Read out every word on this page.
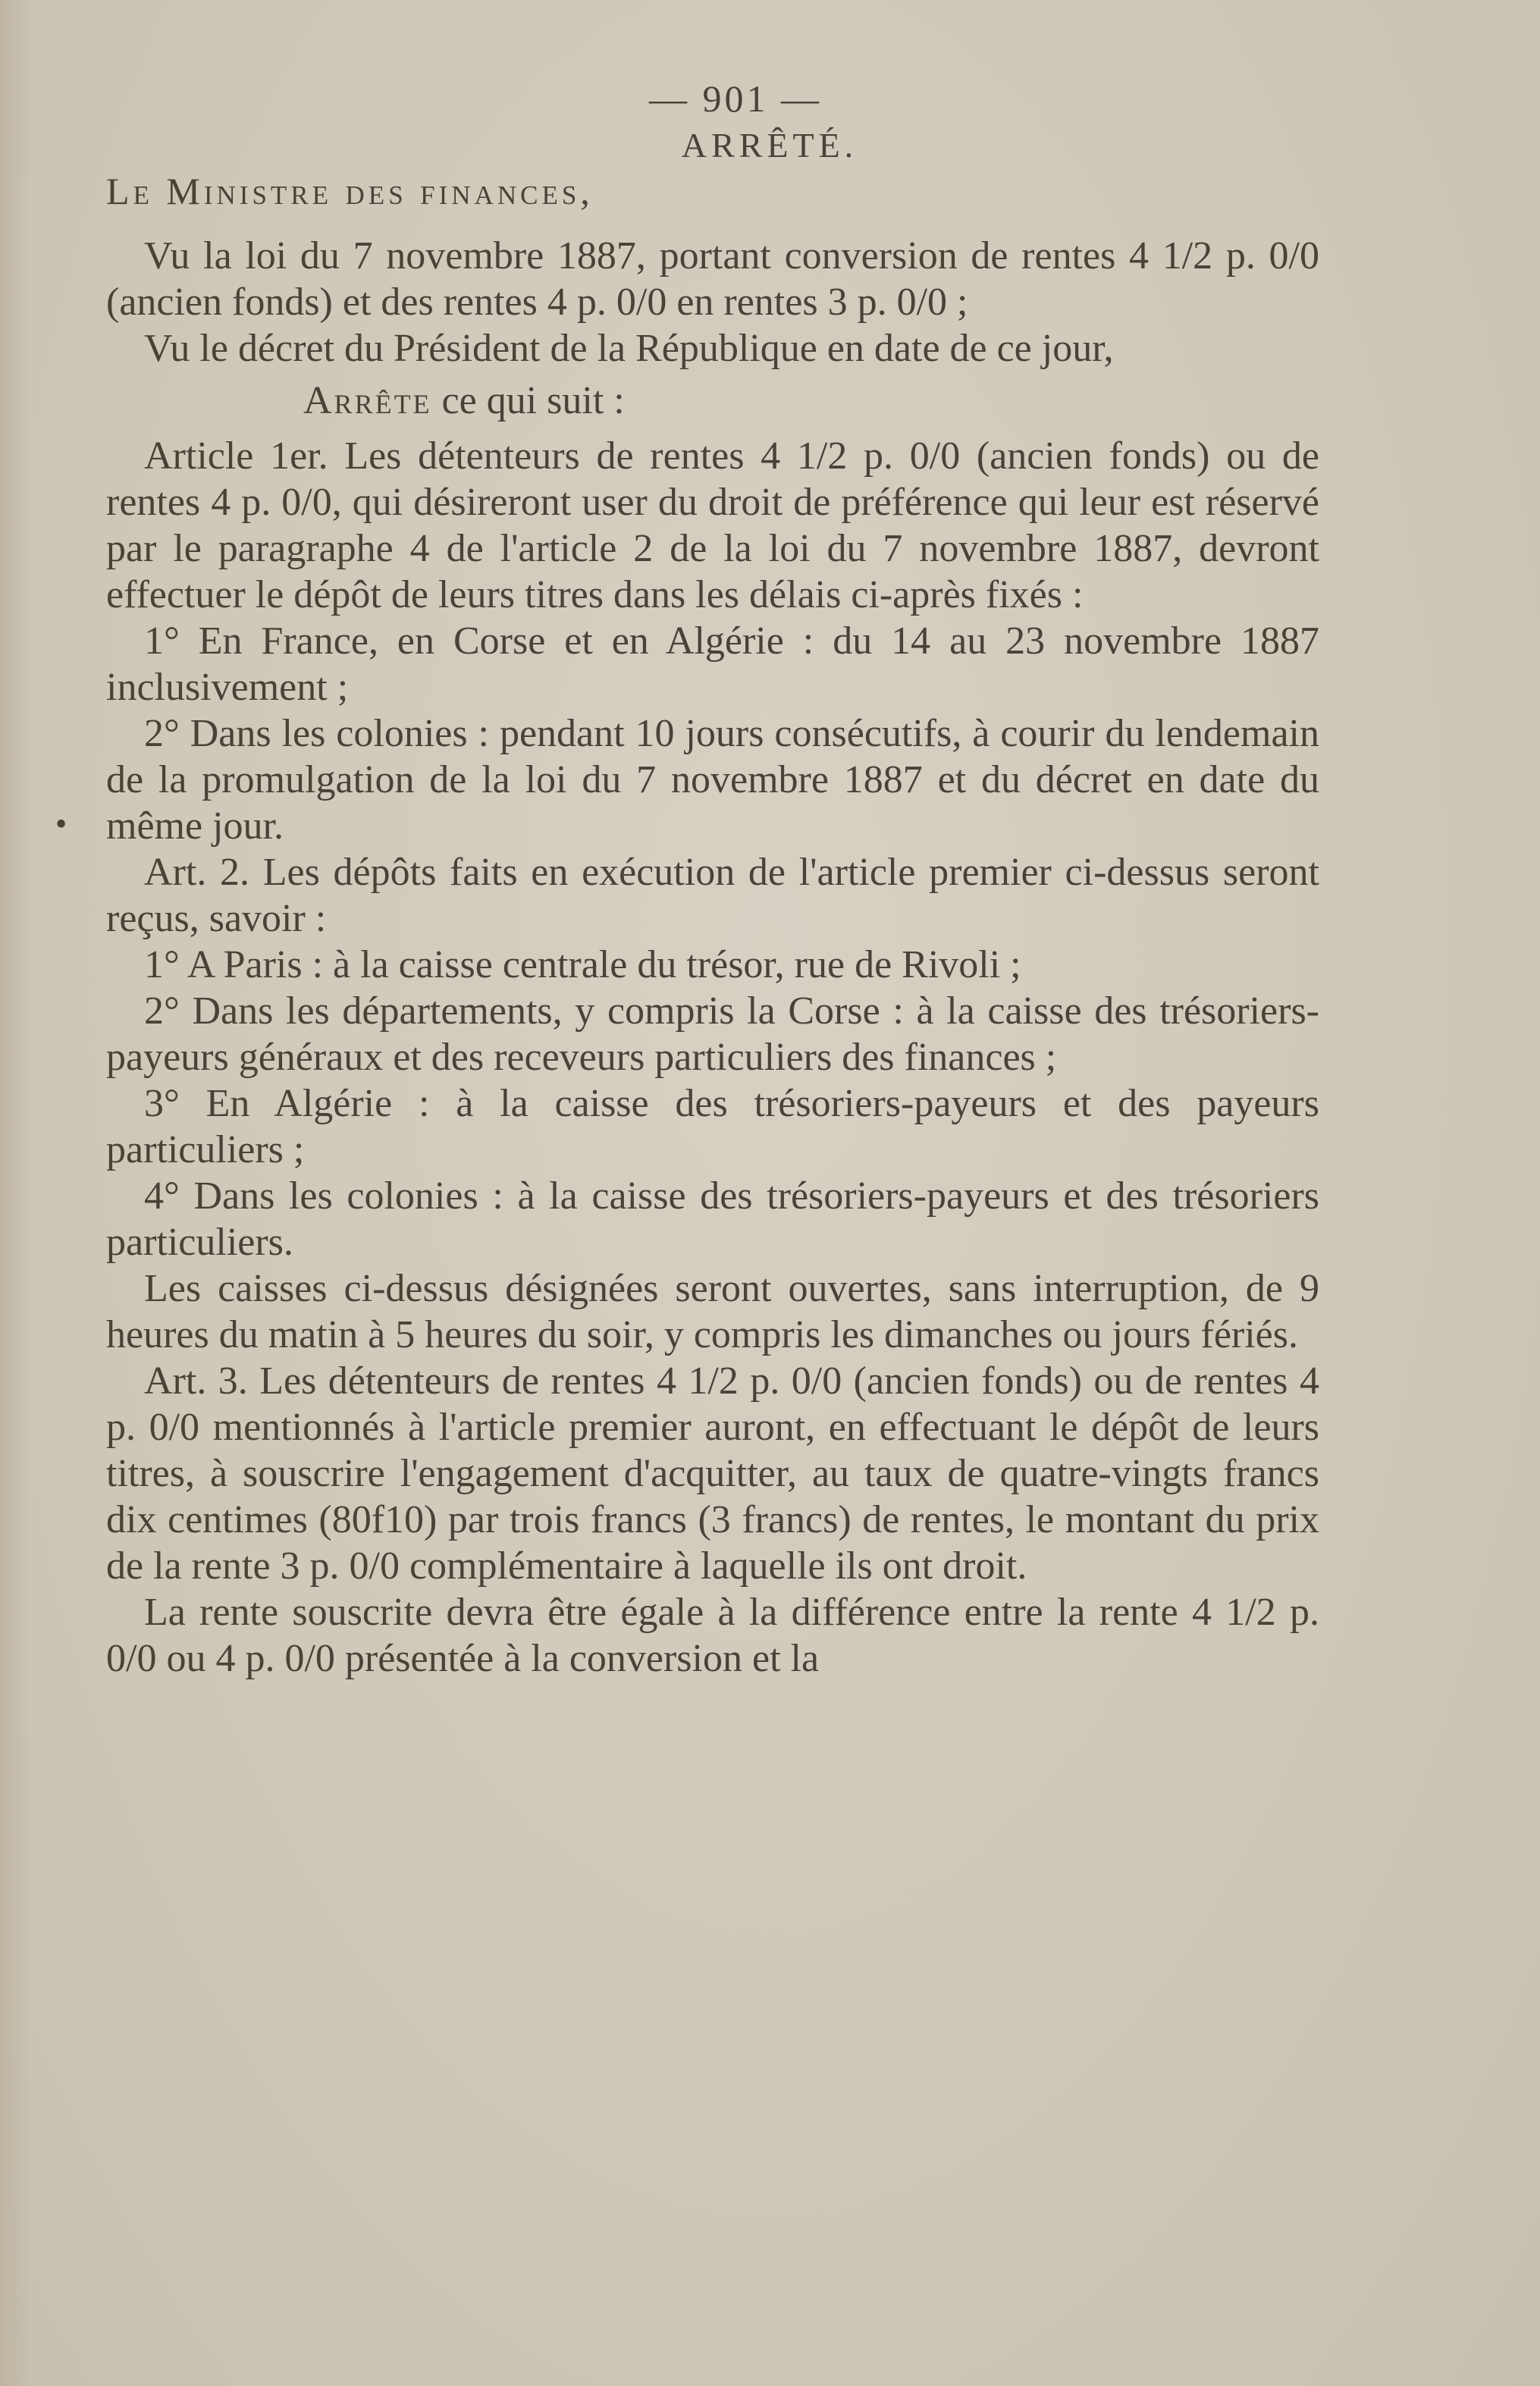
•

— 901 —

ARRÊTÉ.

Le Ministre des finances,

Vu la loi du 7 novembre 1887, portant conversion de rentes 4 1/2 p. 0/0 (ancien fonds) et des rentes 4 p. 0/0 en rentes 3 p. 0/0 ;

Vu le décret du Président de la République en date de ce jour,

Arrête ce qui suit :

Article 1er. Les détenteurs de rentes 4 1/2 p. 0/0 (ancien fonds) ou de rentes 4 p. 0/0, qui désireront user du droit de préférence qui leur est réservé par le paragraphe 4 de l'article 2 de la loi du 7 novembre 1887, devront effectuer le dépôt de leurs titres dans les délais ci-après fixés :

1° En France, en Corse et en Algérie : du 14 au 23 novembre 1887 inclusivement ;

2° Dans les colonies : pendant 10 jours consécutifs, à courir du lendemain de la promulgation de la loi du 7 novembre 1887 et du décret en date du même jour.

Art. 2. Les dépôts faits en exécution de l'article premier ci-dessus seront reçus, savoir :

1° A Paris : à la caisse centrale du trésor, rue de Rivoli ;

2° Dans les départements, y compris la Corse : à la caisse des trésoriers-payeurs généraux et des receveurs particuliers des finances ;

3° En Algérie : à la caisse des trésoriers-payeurs et des payeurs particuliers ;

4° Dans les colonies : à la caisse des trésoriers-payeurs et des trésoriers particuliers.

Les caisses ci-dessus désignées seront ouvertes, sans interruption, de 9 heures du matin à 5 heures du soir, y compris les dimanches ou jours fériés.

Art. 3. Les détenteurs de rentes 4 1/2 p. 0/0 (ancien fonds) ou de rentes 4 p. 0/0 mentionnés à l'article premier auront, en effectuant le dépôt de leurs titres, à souscrire l'engagement d'acquitter, au taux de quatre-vingts francs dix centimes (80f10) par trois francs (3 francs) de rentes, le montant du prix de la rente 3 p. 0/0 complémentaire à laquelle ils ont droit.

La rente souscrite devra être égale à la différence entre la rente 4 1/2 p. 0/0 ou 4 p. 0/0 présentée à la conversion et la
